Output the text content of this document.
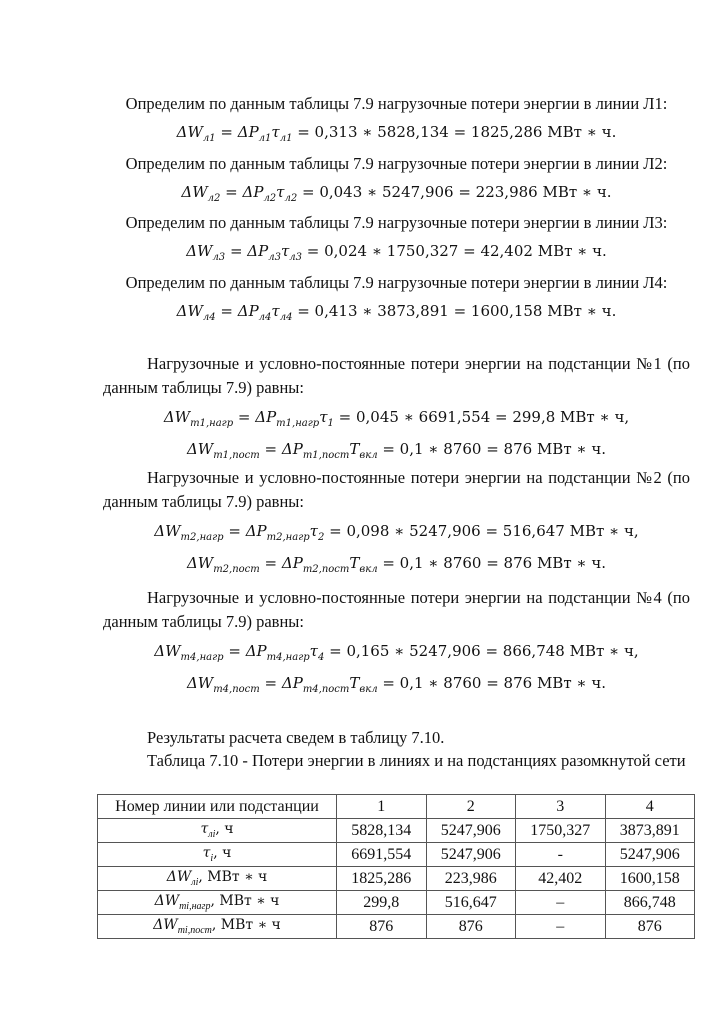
Определим по данным таблицы 7.9 нагрузочные потери энергии в линии Л1:
$\Delta W_{л1} = \Delta P_{л1}\tau_{л1} = 0,313$ ∗ 5828,134 = 1825,286 МВт ∗ ч.
Определим по данным таблицы 7.9 нагрузочные потери энергии в линии Л2:
$\Delta W_{л2} = \Delta P_{л2}\tau_{л2} = 0,043$ ∗ 5247,906 = 223,986 МВт ∗ ч.
Определим по данным таблицы 7.9 нагрузочные потери энергии в линии Л3:
$\Delta W_{л3} = \Delta P_{л3}\tau_{л3} = 0,024$ ∗ 1750,327 = 42,402 МВт ∗ ч.
Определим по данным таблицы 7.9 нагрузочные потери энергии в линии Л4:
$\Delta W_{л4} = \Delta P_{л4}\tau_{л4} = 0,413$ ∗ 3873,891 = 1600,158 МВт ∗ ч.
Нагрузочные и условно-постоянные потери энергии на подстанции №1 (по данным таблицы 7.9) равны:
$\Delta W_{т1,нагр} = \Delta P_{т1,нагр}\tau_1 = 0,045$ ∗ 6691,554 = 299,8 МВт ∗ ч,
$\Delta W_{т1,пост} = \Delta P_{т1,пост}T_{вкл} = 0,1$ ∗ 8760 = 876 МВт ∗ ч.
Нагрузочные и условно-постоянные потери энергии на подстанции №2 (по данным таблицы 7.9) равны:
$\Delta W_{т2,нагр} = \Delta P_{т2,нагр}\tau_2 = 0,098$ ∗ 5247,906 = 516,647 МВт ∗ ч,
$\Delta W_{т2,пост} = \Delta P_{т2,пост}T_{вкл} = 0,1$ ∗ 8760 = 876 МВт ∗ ч.
Нагрузочные и условно-постоянные потери энергии на подстанции №4 (по данным таблицы 7.9) равны:
$\Delta W_{т4,нагр} = \Delta P_{т4,нагр}\tau_4 = 0,165$ ∗ 5247,906 = 866,748 МВт ∗ ч,
$\Delta W_{т4,пост} = \Delta P_{т4,пост}T_{вкл} = 0,1$ ∗ 8760 = 876 МВт ∗ ч.
Результаты расчета сведем в таблицу 7.10.
Таблица 7.10 - Потери энергии в линиях и на подстанциях разомкнутой сети
Номер линии или подстанции	1	2	3	4
$\tau_{лi}$, ч	5828,134	5247,906	1750,327	3873,891
$\tau_i$, ч	6691,554	5247,906	-	5247,906
$\Delta W_{лi}$, МВт ∗ ч	1825,286	223,986	42,402	1600,158
$\Delta W_{тi,нагр}$, МВт ∗ ч	299,8	516,647	–	866,748
$\Delta W_{тi,пост}$, МВт ∗ ч	876	876	–	876
